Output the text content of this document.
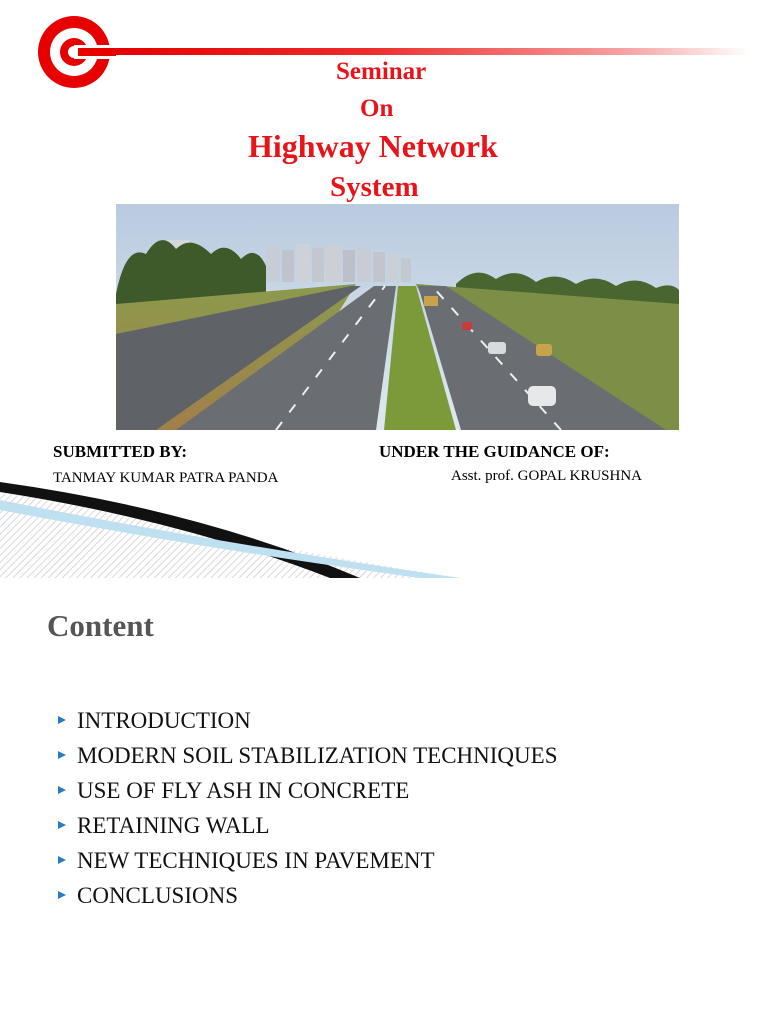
Seminar
On
Highway Network
System
SUBMITTED BY:	UNDER THE GUIDANCE OF:
TANMAY KUMAR PATRA PANDA	Asst. prof. GOPAL KRUSHNA
Content
INTRODUCTION
MODERN SOIL STABILIZATION TECHNIQUES
USE OF FLY ASH IN CONCRETE
RETAINING WALL
NEW TECHNIQUES IN PAVEMENT
CONCLUSIONS
